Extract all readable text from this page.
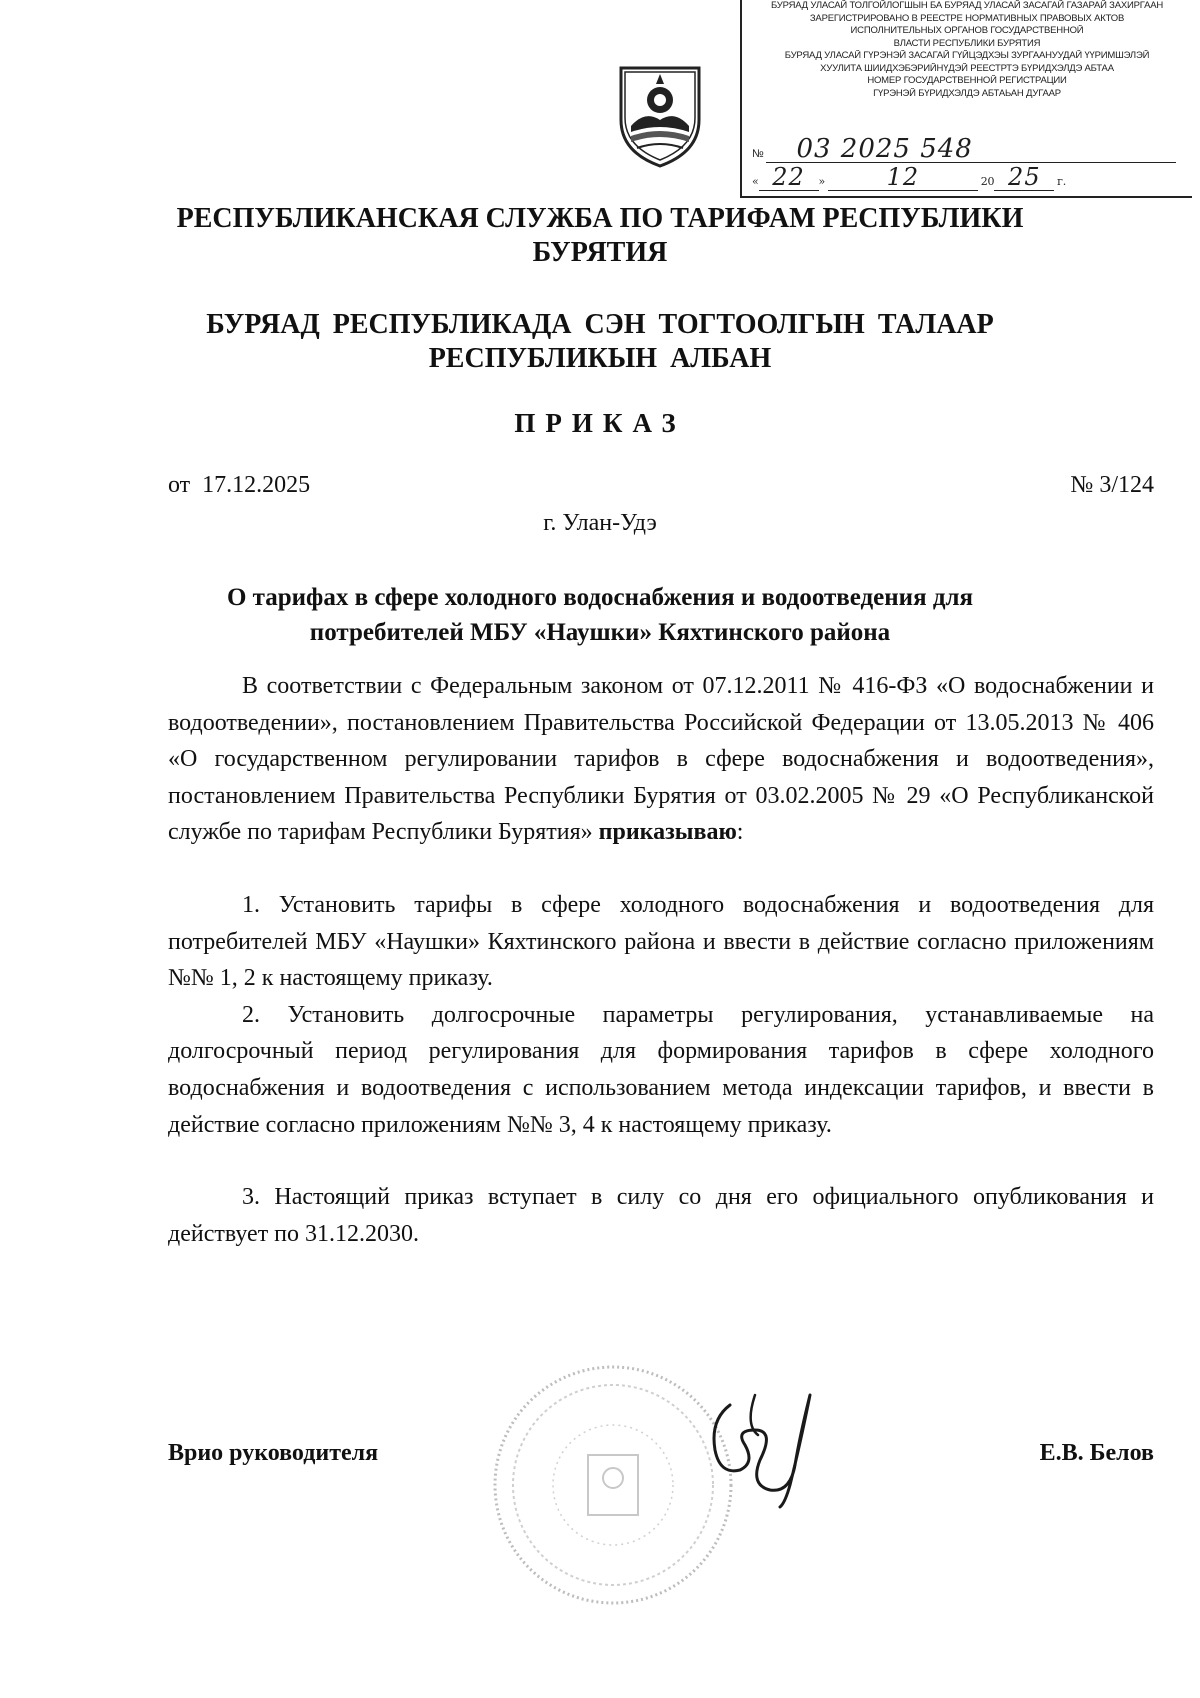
БУРЯАД УЛАСАЙ ТОЛГОЙЛОГШЫН БА БУРЯАД УЛАСАЙ ЗАСАГАЙ ГАЗАРАЙ ЗАХИРГААН
ЗАРЕГИСТРИРОВАНО В РЕЕСТРЕ НОРМАТИВНЫХ ПРАВОВЫХ АКТОВ
ИСПОЛНИТЕЛЬНЫХ ОРГАНОВ ГОСУДАРСТВЕННОЙ
ВЛАСТИ РЕСПУБЛИКИ БУРЯТИЯ
БУРЯАД УЛАСАЙ ГҮРЭНЭЙ ЗАСАГАЙ ГҮЙЦЭДХЭЫ ЗУРГААНУУДАЙ ҮҮРИМШЭЛЭЙ
ХУУЛИТА ШИИДХЭБЭРИЙНҮДЭЙ РЕЕСТРТЭ БҮРИДХЭЛДЭ АБТАА
НОМЕР ГОСУДАРСТВЕННОЙ РЕГИСТРАЦИИ
ГҮРЭНЭЙ БҮРИДХЭЛДЭ АБТАЬАН ДУГААР
№ 03 2025 548
« 22 »	12	20 25 г.
РЕСПУБЛИКАНСКАЯ СЛУЖБА ПО ТАРИФАМ РЕСПУБЛИКИ
БУРЯТИЯ
БУРЯАД РЕСПУБЛИКАДА СЭН ТОГТООЛГЫН ТАЛААР
РЕСПУБЛИКЫН АЛБАН
ПРИКАЗ
от 17.12.2025	№ 3/124
г. Улан-Удэ
О тарифах в сфере холодного водоснабжения и водоотведения для
потребителей МБУ «Наушки» Кяхтинского района

В соответствии с Федеральным законом от 07.12.2011 № 416-ФЗ «О водоснабжении и водоотведении», постановлением Правительства Российской Федерации от 13.05.2013 № 406 «О государственном регулировании тарифов в сфере водоснабжения и водоотведения», постановлением Правительства Республики Бурятия от 03.02.2005 № 29 «О Республиканской службе по тарифам Республики Бурятия» приказываю:

1. Установить тарифы в сфере холодного водоснабжения и водоотведения для потребителей МБУ «Наушки» Кяхтинского района и ввести в действие согласно приложениям №№ 1, 2 к настоящему приказу.

2. Установить долгосрочные параметры регулирования, устанавливаемые на долгосрочный период регулирования для формирования тарифов в сфере холодного водоснабжения и водоотведения с использованием метода индексации тарифов, и ввести в действие согласно приложениям №№ 3, 4 к настоящему приказу.

3. Настоящий приказ вступает в силу со дня его официального опубликования и действует по 31.12.2030.

Врио руководителя	Е.В. Белов
